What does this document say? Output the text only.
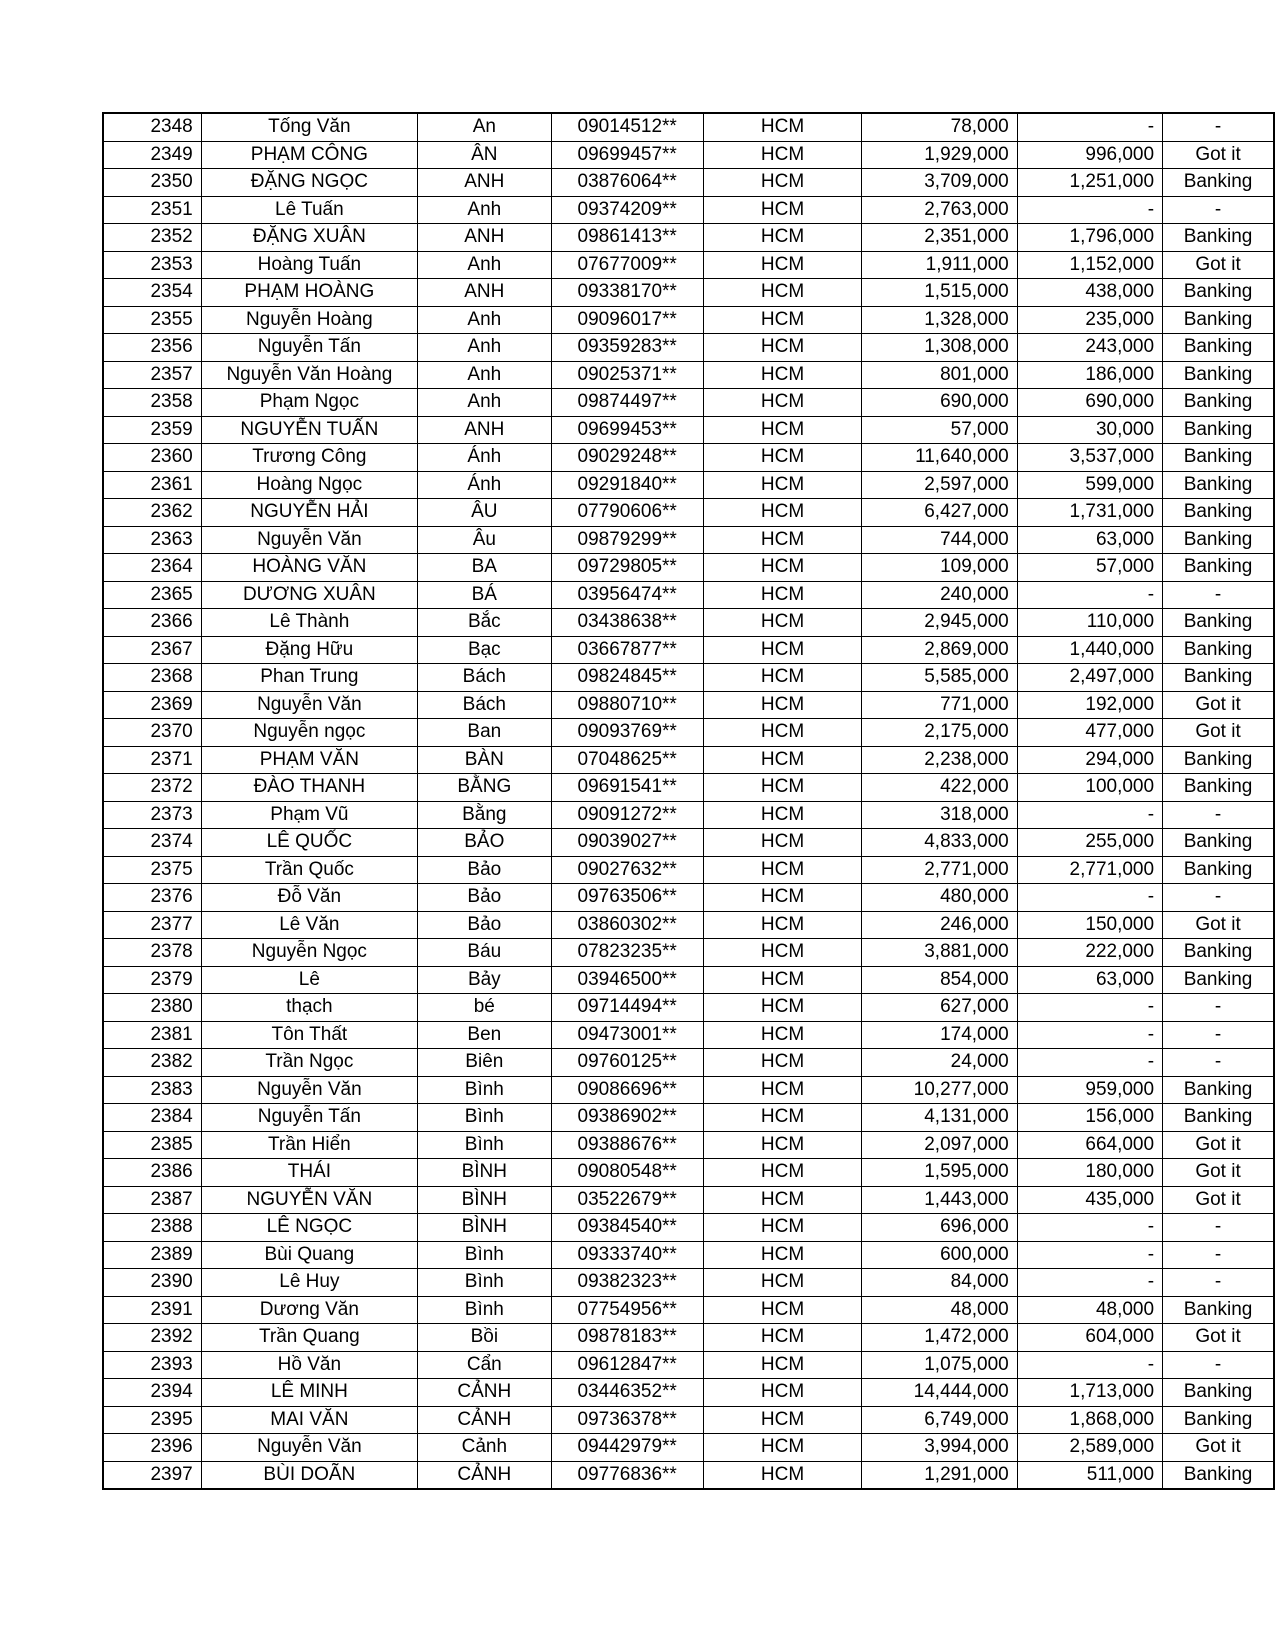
2348	Tống Văn	An	09014512**	HCM	78,000	-	-
2349	PHẠM CÔNG	ÂN	09699457**	HCM	1,929,000	996,000	Got it
2350	ĐẶNG NGỌC	ANH	03876064**	HCM	3,709,000	1,251,000	Banking
2351	Lê Tuấn	Anh	09374209**	HCM	2,763,000	-	-
2352	ĐẶNG XUÂN	ANH	09861413**	HCM	2,351,000	1,796,000	Banking
2353	Hoàng Tuấn	Anh	07677009**	HCM	1,911,000	1,152,000	Got it
2354	PHẠM HOÀNG	ANH	09338170**	HCM	1,515,000	438,000	Banking
2355	Nguyễn Hoàng	Anh	09096017**	HCM	1,328,000	235,000	Banking
2356	Nguyễn Tấn	Anh	09359283**	HCM	1,308,000	243,000	Banking
2357	Nguyễn Văn Hoàng	Anh	09025371**	HCM	801,000	186,000	Banking
2358	Phạm Ngọc	Anh	09874497**	HCM	690,000	690,000	Banking
2359	NGUYỄN TUẤN	ANH	09699453**	HCM	57,000	30,000	Banking
2360	Trương Công	Ánh	09029248**	HCM	11,640,000	3,537,000	Banking
2361	Hoàng Ngọc	Ánh	09291840**	HCM	2,597,000	599,000	Banking
2362	NGUYỄN HẢI	ÂU	07790606**	HCM	6,427,000	1,731,000	Banking
2363	Nguyễn Văn	Âu	09879299**	HCM	744,000	63,000	Banking
2364	HOÀNG VĂN	BA	09729805**	HCM	109,000	57,000	Banking
2365	DƯƠNG XUÂN	BÁ	03956474**	HCM	240,000	-	-
2366	Lê Thành	Bắc	03438638**	HCM	2,945,000	110,000	Banking
2367	Đặng Hữu	Bạc	03667877**	HCM	2,869,000	1,440,000	Banking
2368	Phan Trung	Bách	09824845**	HCM	5,585,000	2,497,000	Banking
2369	Nguyễn Văn	Bách	09880710**	HCM	771,000	192,000	Got it
2370	Nguyễn ngọc	Ban	09093769**	HCM	2,175,000	477,000	Got it
2371	PHẠM VĂN	BÀN	07048625**	HCM	2,238,000	294,000	Banking
2372	ĐÀO THANH	BẰNG	09691541**	HCM	422,000	100,000	Banking
2373	Phạm Vũ	Bằng	09091272**	HCM	318,000	-	-
2374	LÊ QUỐC	BẢO	09039027**	HCM	4,833,000	255,000	Banking
2375	Trần Quốc	Bảo	09027632**	HCM	2,771,000	2,771,000	Banking
2376	Đỗ Văn	Bảo	09763506**	HCM	480,000	-	-
2377	Lê Văn	Bảo	03860302**	HCM	246,000	150,000	Got it
2378	Nguyễn Ngọc	Báu	07823235**	HCM	3,881,000	222,000	Banking
2379	Lê	Bảy	03946500**	HCM	854,000	63,000	Banking
2380	thạch	bé	09714494**	HCM	627,000	-	-
2381	Tôn Thất	Ben	09473001**	HCM	174,000	-	-
2382	Trần Ngọc	Biên	09760125**	HCM	24,000	-	-
2383	Nguyễn Văn	Bình	09086696**	HCM	10,277,000	959,000	Banking
2384	Nguyễn Tấn	Bình	09386902**	HCM	4,131,000	156,000	Banking
2385	Trần Hiển	Bình	09388676**	HCM	2,097,000	664,000	Got it
2386	THÁI	BÌNH	09080548**	HCM	1,595,000	180,000	Got it
2387	NGUYỄN VĂN	BÌNH	03522679**	HCM	1,443,000	435,000	Got it
2388	LÊ NGỌC	BÌNH	09384540**	HCM	696,000	-	-
2389	Bùi Quang	Bình	09333740**	HCM	600,000	-	-
2390	Lê Huy	Bình	09382323**	HCM	84,000	-	-
2391	Dương Văn	Bình	07754956**	HCM	48,000	48,000	Banking
2392	Trần Quang	Bồi	09878183**	HCM	1,472,000	604,000	Got it
2393	Hồ Văn	Cẩn	09612847**	HCM	1,075,000	-	-
2394	LÊ MINH	CẢNH	03446352**	HCM	14,444,000	1,713,000	Banking
2395	MAI VĂN	CẢNH	09736378**	HCM	6,749,000	1,868,000	Banking
2396	Nguyễn Văn	Cảnh	09442979**	HCM	3,994,000	2,589,000	Got it
2397	BÙI DOÃN	CẢNH	09776836**	HCM	1,291,000	511,000	Banking
